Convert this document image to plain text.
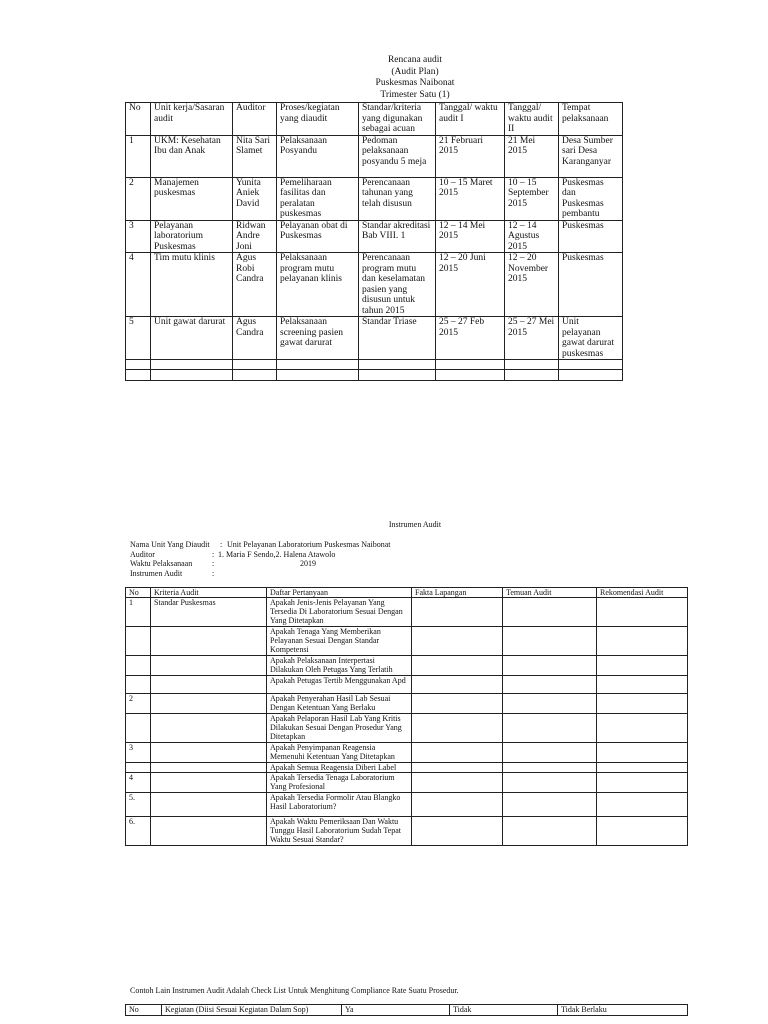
Rencana audit
(Audit Plan)
Puskesmas Naibonat
Trimester Satu (1)
No	Unit kerja/Sasaran audit	Auditor	Proses/kegiatan yang diaudit	Standar/kriteria yang digunakan sebagai acuan	Tanggal/ waktu audit I	Tanggal/ waktu audit II	Tempat pelaksanaan
1	UKM: Kesehatan Ibu dan Anak	Nita Sari Slamet	Pelaksanaan Posyandu	Pedoman pelaksanaan posyandu 5 meja	21 Februari 2015	21 Mei 2015	Desa Sumber sari Desa Karanganyar
2	Manajemen puskesmas	Yunita Aniek David	Pemeliharaan fasilitas dan peralatan puskesmas	Perencanaan tahunan yang telah disusun	10 – 15 Maret 2015	10 – 15 September 2015	Puskesmas dan Puskesmas pembantu
3	Pelayanan laboratorium Puskesmas	Ridwan Andre Joni	Pelayanan obat di Puskesmas	Standar akreditasi Bab VIII. 1	12 – 14 Mei 2015	12 – 14 Agustus 2015	Puskesmas
4	Tim mutu klinis	Agus Robi Candra	Pelaksanaan program mutu pelayanan klinis	Perencanaan program mutu dan keselamatan pasien yang disusun untuk tahun 2015	12 – 20 Juni 2015	12 – 20 November 2015	Puskesmas
5	Unit gawat darurat	Agus Candra	Pelaksanaan screening pasien gawat darurat	Standar Triase	25 – 27 Feb 2015	25 – 27 Mei 2015	Unit pelayanan gawat darurat puskesmas

Instrumen Audit
Nama Unit Yang Diaudit : Unit Pelayanan Laboratorium Puskesmas Naibonat
Auditor	: 1. Maria F Sendo,2. Halena Atawolo
Waktu Pelaksanaan :	2019
Instrumen Audit	:
No	Kriteria Audit	Daftar Pertanyaan	Fakta Lapangan	Temuan Audit	Rekomendasi Audit
1	Standar Puskesmas	Apakah Jenis-Jenis Pelayanan Yang Tersedia Di Laboratorium Sesuai Dengan Yang Ditetapkan			
		Apakah Tenaga Yang Memberikan Pelayanan Sesuai Dengan Standar Kompetensi			
		Apakah Pelaksanaan Interpertasi Dilakukan Oleh Petugas Yang Terlatih			
		Apakah Petugas Tertib Menggunakan Apd			
2		Apakah Penyerahan Hasil Lab Sesuai Dengan Ketentuan Yang Berlaku			
		Apakah Pelaporan Hasil Lab Yang Kritis Dilakukan Sesuai Dengan Prosedur Yang Ditetapkan			
3		Apakah Penyimpanan Reagensia Memenuhi Ketentuan Yang Ditetapkan			
		Apakah Semua Reagensia Diberi Label			
4		Apakah Tersedia Tenaga Laboratorium Yang Profesional			
5.		Apakah Tersedia Formolir Atau Blangko Hasil Laboratorium?			
6.		Apakah Waktu Pemeriksaan Dan Waktu Tunggu Hasil Laboratorium Sudah Tepat Waktu Sesuai Standar?			
Contoh Lain Instrumen Audit Adalah Check List Untuk Menghitung Compliance Rate Suatu Prosedur.
No	Kegiatan (Diisi Sesuai Kegiatan Dalam Sop)	Ya	Tidak	Tidak Berlaku
